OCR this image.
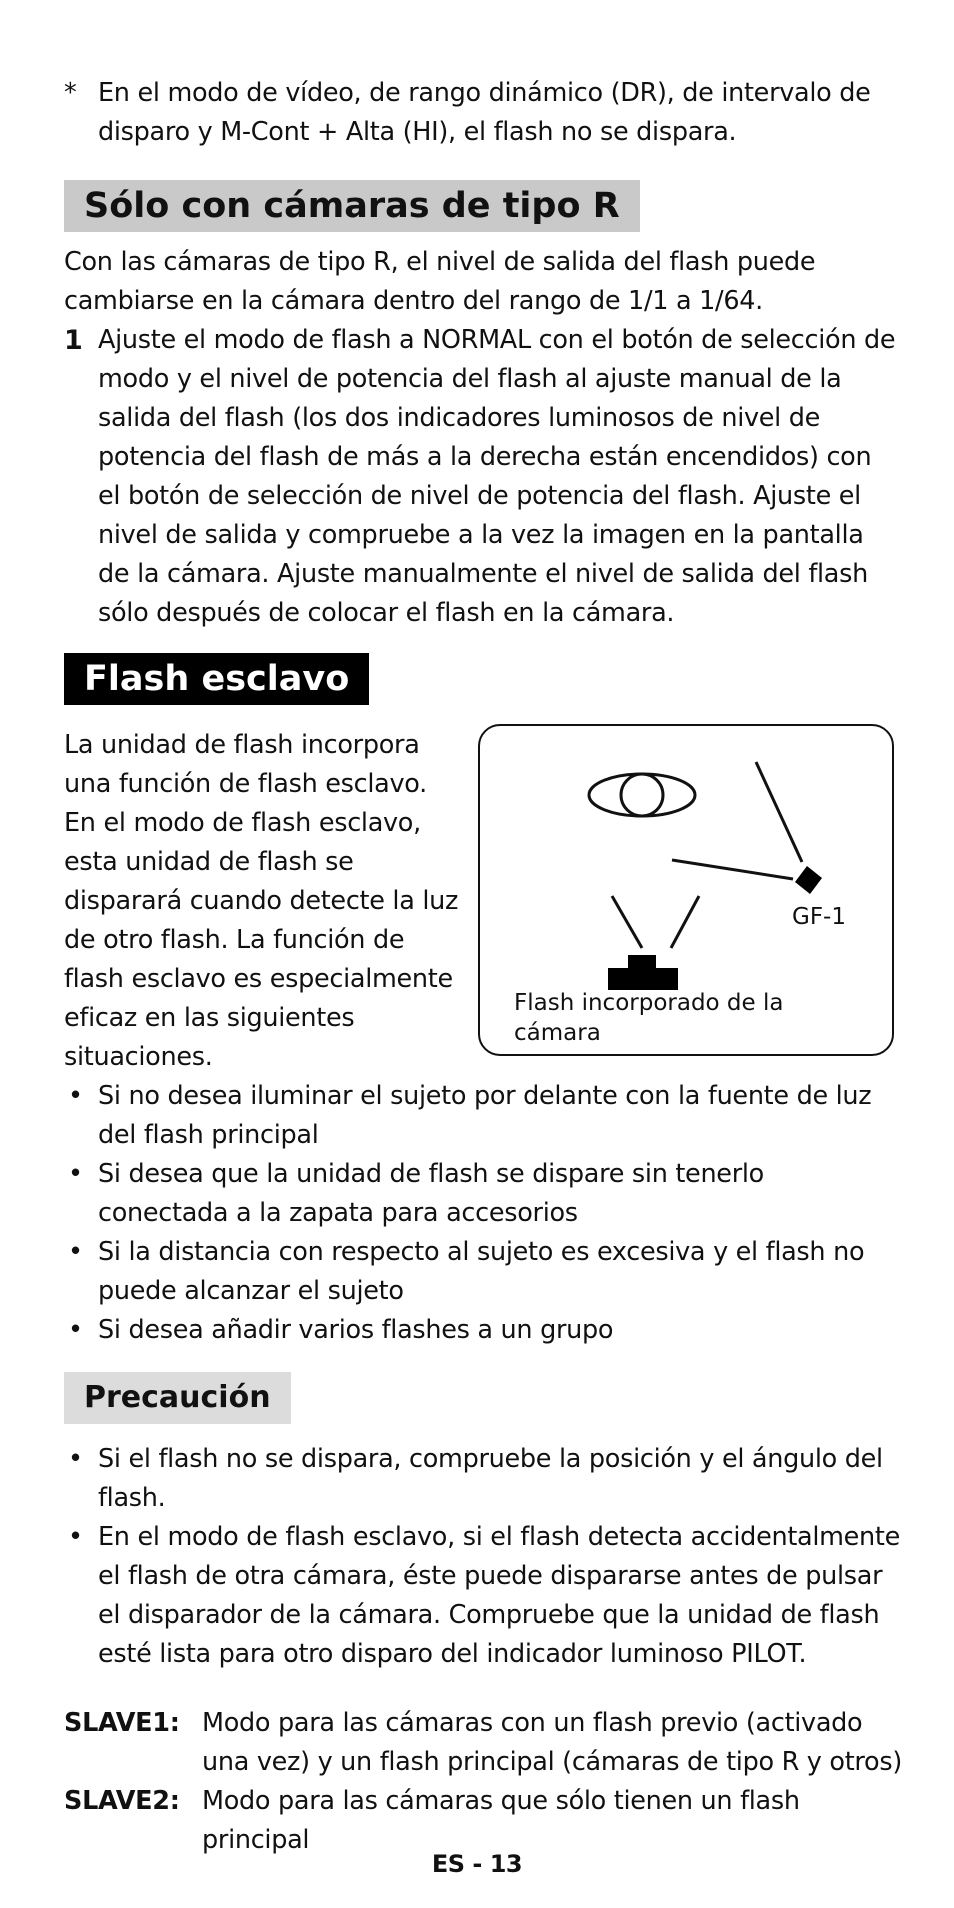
* En el modo de vídeo, de rango dinámico (DR), de intervalo de disparo y M-Cont + Alta (HI), el flash no se dispara.
Sólo con cámaras de tipo R
Con las cámaras de tipo R, el nivel de salida del flash puede cambiarse en la cámara dentro del rango de 1/1 a 1/64.
1 Ajuste el modo de flash a NORMAL con el botón de selección de modo y el nivel de potencia del flash al ajuste manual de la salida del flash (los dos indicadores luminosos de nivel de potencia del flash de más a la derecha están encendidos) con el botón de selección de nivel de potencia del flash. Ajuste el nivel de salida y compruebe a la vez la imagen en la pantalla de la cámara. Ajuste manualmente el nivel de salida del flash sólo después de colocar el flash en la cámara.
Flash esclavo
La unidad de flash incorpora una función de flash esclavo. En el modo de flash esclavo, esta unidad de flash se disparará cuando detecte la luz de otro flash. La función de flash esclavo es especialmente eficaz en las siguientes situaciones.
GF-1
Flash incorporado de la cámara
• Si no desea iluminar el sujeto por delante con la fuente de luz del flash principal
• Si desea que la unidad de flash se dispare sin tenerlo conectada a la zapata para accesorios
• Si la distancia con respecto al sujeto es excesiva y el flash no puede alcanzar el sujeto
• Si desea añadir varios flashes a un grupo
Precaución
• Si el flash no se dispara, compruebe la posición y el ángulo del flash.
• En el modo de flash esclavo, si el flash detecta accidentalmente el flash de otra cámara, éste puede dispararse antes de pulsar el disparador de la cámara. Compruebe que la unidad de flash esté lista para otro disparo del indicador luminoso PILOT.
SLAVE1: Modo para las cámaras con un flash previo (activado una vez) y un flash principal (cámaras de tipo R y otros)
SLAVE2: Modo para las cámaras que sólo tienen un flash principal
ES - 13
